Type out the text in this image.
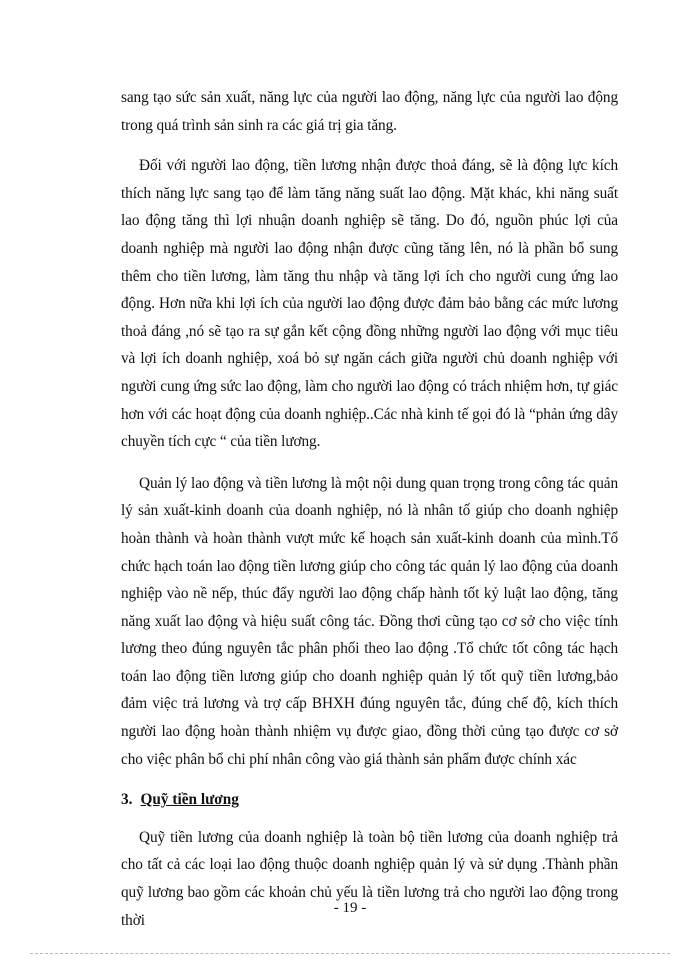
sang tạo sức sản xuất, năng lực của người lao động, năng lực của người lao động trong quá trình sản sinh ra các giá trị gia tăng.

Đối với người lao động, tiền lương nhận được thoả đáng, sẽ là động lực kích thích năng lực sang tạo để làm tăng năng suất lao động. Mặt khác, khi năng suất lao động tăng thì lợi nhuận doanh nghiệp sẽ tăng. Do đó, nguồn phúc lợi của doanh nghiệp mà người lao động nhận được cũng tăng lên, nó là phần bổ sung thêm cho tiền lương, làm tăng thu nhập và tăng lợi ích cho người cung ứng lao động. Hơn nữa khi lợi ích của người lao động được đảm bảo bằng các mức lương thoả đáng ,nó sẽ tạo ra sự gắn kết cộng đồng những người lao động với mục tiêu và lợi ích doanh nghiệp, xoá bỏ sự ngăn cách giữa người chủ doanh nghiệp với người cung ứng sức lao động, làm cho người lao động có trách nhiệm hơn, tự giác hơn với các hoạt động của doanh nghiệp..Các nhà kinh tế gọi đó là “phản ứng dây chuyền tích cực “ của tiền lương.

Quản lý lao động và tiền lương là một nội dung quan trọng trong công tác quản lý sản xuất-kinh doanh của doanh nghiệp, nó là nhân tố giúp cho doanh nghiệp hoàn thành và hoàn thành vượt mức kế hoạch sản xuất-kinh doanh của mình.Tổ chức hạch toán lao động tiền lương giúp cho công tác quản lý lao động của doanh nghiệp vào nề nếp, thúc đẩy người lao động chấp hành tốt kỷ luật lao động, tăng năng xuất lao động và hiệu suất công tác. Đồng thơi cũng tạo cơ sở cho việc tính lương theo đúng nguyên tắc phân phối theo lao động .Tổ chức tốt công tác hạch toán lao động tiền lương giúp cho doanh nghiệp quản lý tốt quỹ tiền lương,bảo đảm việc trả lương và trợ cấp BHXH đúng nguyên tắc, đúng chế độ, kích thích người lao động hoàn thành nhiệm vụ được giao, đồng thời củng tạo được cơ sở cho việc phân bổ chi phí nhân công vào giá thành sản phẩm được chính xác

3. Quỹ tiền lương

Quỹ tiền lương của doanh nghiệp là toàn bộ tiền lương của doanh nghiệp trả cho tất cả các loại lao động thuộc doanh nghiệp quản lý và sử dụng .Thành phần quỹ lương bao gồm các khoản chủ yếu là tiền lương trả cho người lao động trong thời

- 19 -
